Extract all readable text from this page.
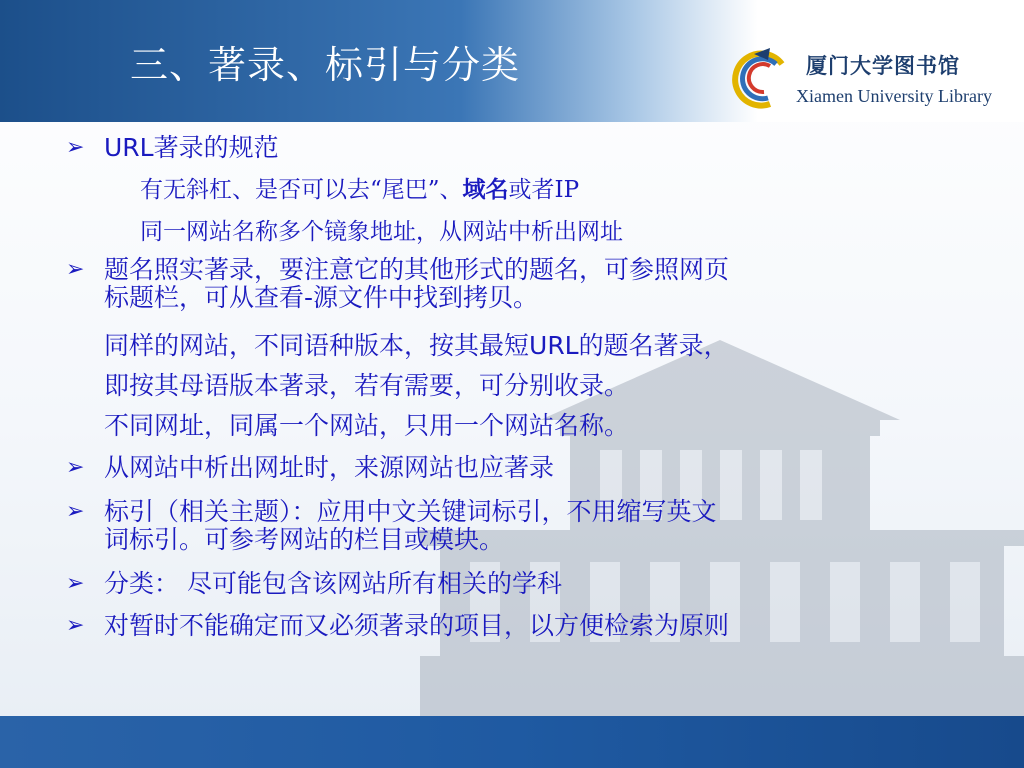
三、著录、标引与分类	厦门大学图书馆
Xiamen University Library
➢ URL著录的规范
有无斜杠、是否可以去“尾巴”、域名或者IP
同一网站名称多个镜象地址，从网站中析出网址
➢ 题名照实著录，要注意它的其他形式的题名，可参照网页
标题栏，可从查看-源文件中找到拷贝。
同样的网站，不同语种版本，按其最短URL的题名著录，
即按其母语版本著录，若有需要，可分别收录。
不同网址，同属一个网站，只用一个网站名称。
➢ 从网站中析出网址时，来源网站也应著录
➢ 标引（相关主题）：应用中文关键词标引，不用缩写英文
词标引。可参考网站的栏目或模块。
➢ 分类： 尽可能包含该网站所有相关的学科
➢ 对暂时不能确定而又必须著录的项目，以方便检索为原则
